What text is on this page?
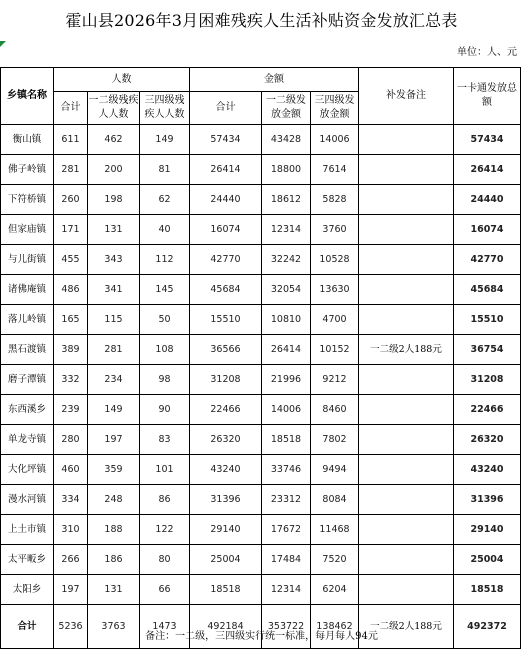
霍山县2026年3月困难残疾人生活补贴资金发放汇总表
单位：人、元
乡镇名称	人数			金额			补发备注	一卡通发放总额
	合计	一二级残疾人人数	三四级残疾人人数	合计	一二级发放金额	三四级发放金额		
衡山镇	611	462	149	57434	43428	14006		57434
佛子岭镇	281	200	81	26414	18800	7614		26414
下符桥镇	260	198	62	24440	18612	5828		24440
但家庙镇	171	131	40	16074	12314	3760		16074
与儿街镇	455	343	112	42770	32242	10528		42770
诸佛庵镇	486	341	145	45684	32054	13630		45684
落儿岭镇	165	115	50	15510	10810	4700		15510
黑石渡镇	389	281	108	36566	26414	10152	一二级2人188元	36754
磨子潭镇	332	234	98	31208	21996	9212		31208
东西溪乡	239	149	90	22466	14006	8460		22466
单龙寺镇	280	197	83	26320	18518	7802		26320
大化坪镇	460	359	101	43240	33746	9494		43240
漫水河镇	334	248	86	31396	23312	8084		31396
上土市镇	310	188	122	29140	17672	11468		29140
太平畈乡	266	186	80	25004	17484	7520		25004
太阳乡	197	131	66	18518	12314	6204		18518
合计	5236	3763	1473	492184	353722	138462	一二级2人188元	492372
备注：一二级，三四级实行统一标准，每月每人94元
